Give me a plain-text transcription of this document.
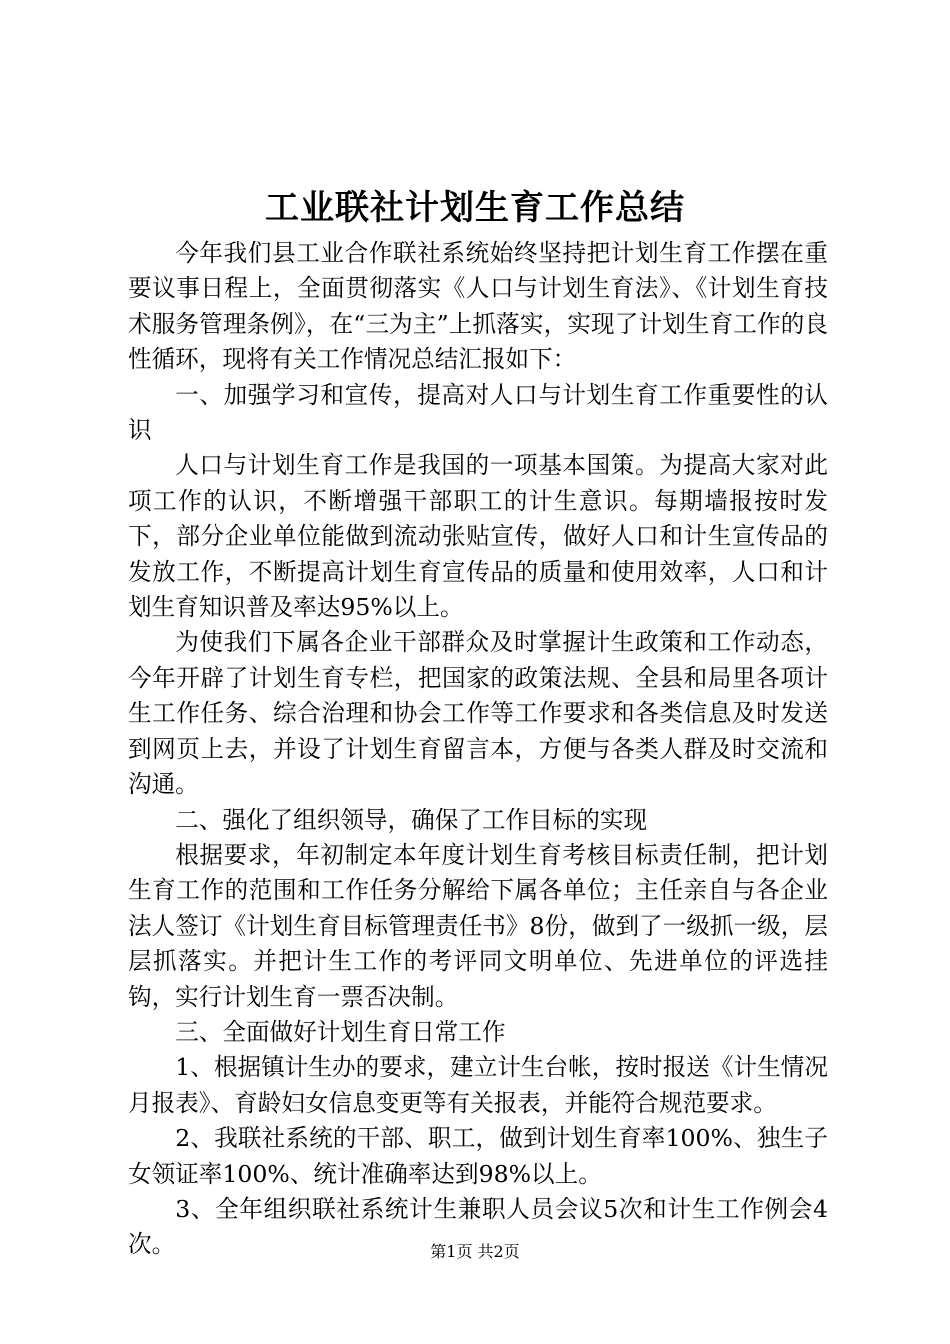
工业联社计划生育工作总结

今年我们县工业合作联社系统始终坚持把计划生育工作摆在重要议事日程上，全面贯彻落实《人口与计划生育法》、《计划生育技术服务管理条例》，在“三为主”上抓落实，实现了计划生育工作的良性循环，现将有关工作情况总结汇报如下：

一、加强学习和宣传，提高对人口与计划生育工作重要性的认识

人口与计划生育工作是我国的一项基本国策。为提高大家对此项工作的认识，不断增强干部职工的计生意识。每期墙报按时发下，部分企业单位能做到流动张贴宣传，做好人口和计生宣传品的发放工作，不断提高计划生育宣传品的质量和使用效率，人口和计划生育知识普及率达95%以上。

为使我们下属各企业干部群众及时掌握计生政策和工作动态，今年开辟了计划生育专栏，把国家的政策法规、全县和局里各项计生工作任务、综合治理和协会工作等工作要求和各类信息及时发送到网页上去，并设了计划生育留言本，方便与各类人群及时交流和沟通。

二、强化了组织领导，确保了工作目标的实现

根据要求，年初制定本年度计划生育考核目标责任制，把计划生育工作的范围和工作任务分解给下属各单位；主任亲自与各企业法人签订《计划生育目标管理责任书》8份，做到了一级抓一级，层层抓落实。并把计生工作的考评同文明单位、先进单位的评选挂钩，实行计划生育一票否决制。

三、全面做好计划生育日常工作

1、根据镇计生办的要求，建立计生台帐，按时报送《计生情况月报表》、育龄妇女信息变更等有关报表，并能符合规范要求。

2、我联社系统的干部、职工，做到计划生育率100%、独生子女领证率100%、统计准确率达到98%以上。

3、全年组织联社系统计生兼职人员会议5次和计生工作例会4次。	第1页 共2页
